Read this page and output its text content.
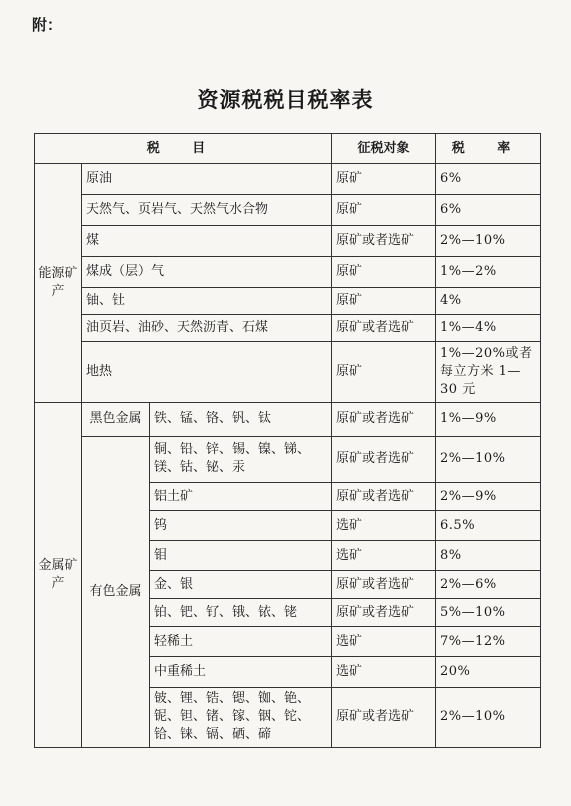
附：
资源税税目税率表
税 目			征税对象	税 率
能源矿产	原油		原矿	6%
	天然气、页岩气、天然气水合物		原矿	6%
	煤		原矿或者选矿	2%—10%
	煤成（层）气		原矿	1%—2%
	铀、钍		原矿	4%
	油页岩、油砂、天然沥青、石煤		原矿或者选矿	1%—4%
	地热		原矿	1%—20%或者每立方米 1—30 元
金属矿产	黑色金属	铁、锰、铬、钒、钛	原矿或者选矿	1%—9%
	有色金属	铜、铅、锌、锡、镍、锑、镁、钴、铋、汞	原矿或者选矿	2%—10%
		铝土矿	原矿或者选矿	2%—9%
		钨	选矿	6.5%
		钼	选矿	8%
		金、银	原矿或者选矿	2%—6%
		铂、钯、钌、锇、铱、铑	原矿或者选矿	5%—10%
		轻稀土	选矿	7%—12%
		中重稀土	选矿	20%
		铍、锂、锆、锶、铷、铯、铌、钽、锗、镓、铟、铊、铪、铼、镉、硒、碲	原矿或者选矿	2%—10%
